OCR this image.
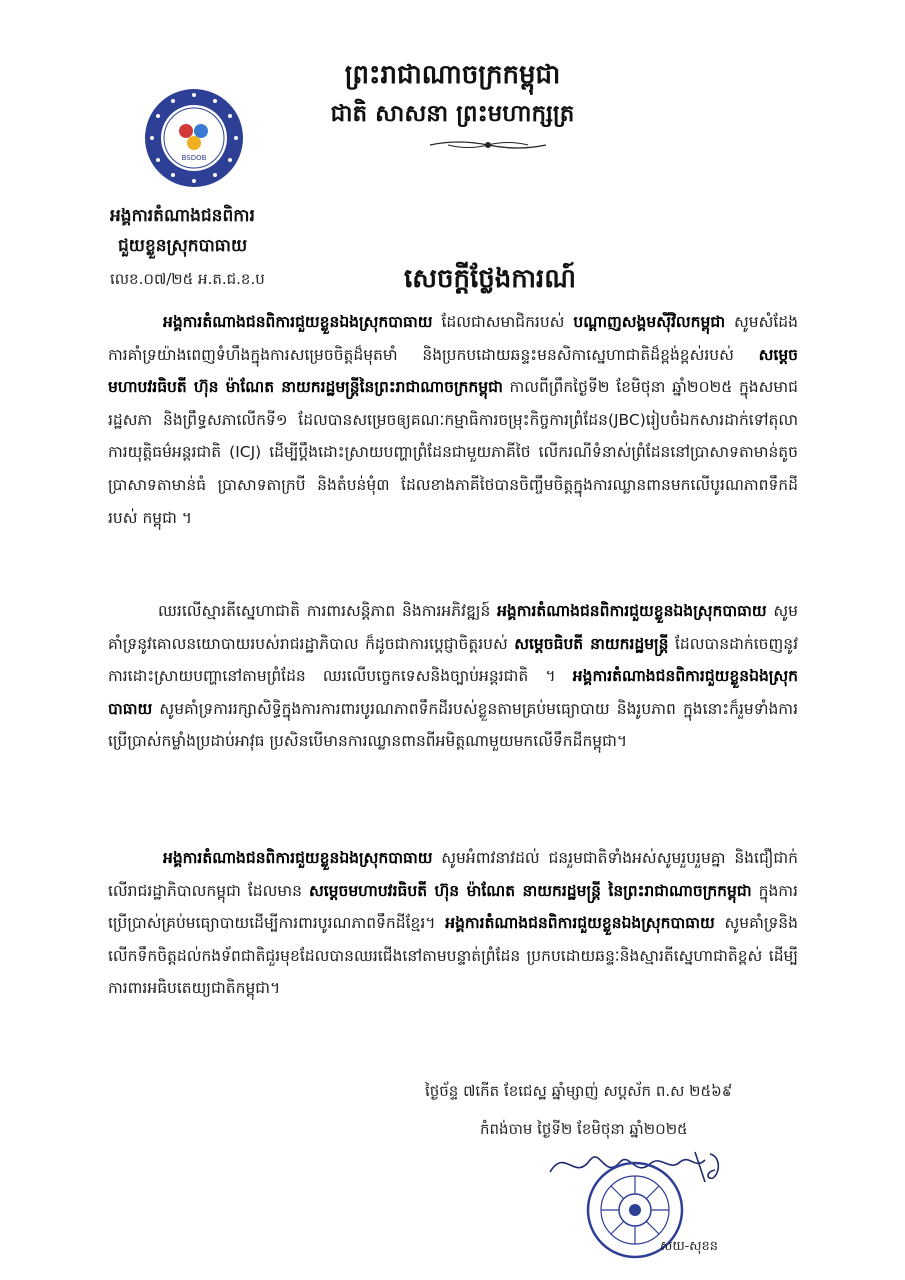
ព្រះរាជាណាចក្រកម្ពុជា
ជាតិ សាសនា ព្រះមហាក្សត្រ
BSDOB
អង្គការតំណាងជនពិការ
ជួយខ្លួនស្រុកបាធាយ
លេខ.០៧/២៥ អ.ត.ជ.ខ.ប	សេចក្តីថ្លែងការណ៍
អង្គការតំណាងជនពិការជួយខ្លួនឯងស្រុកបាធាយ ដែលជាសមាជិករបស់ បណ្តាញសង្គមស៊ីវិលកម្ពុជា សូមសំដែងការគាំទ្រយ៉ាងពេញទំហឹងក្នុងការសម្រេចចិត្តដ៏មុតមាំ និងប្រកបដោយឆន្ទះមនសិកាស្នេហាជាតិដ៏ខ្ពង់ខ្ពស់របស់ សម្តេចមហាបវរធិបតី ហ៊ុន ម៉ាណែត នាយករដ្ឋមន្ត្រីនៃព្រះរាជាណាចក្រកម្ពុជា កាលពីព្រឹកថ្ងៃទី២ ខែមិថុនា ឆ្នាំ២០២៥ ក្នុងសមាជរដ្ឋសភា និងព្រឹទ្ធសភាលើកទី១ ដែលបានសម្រេចឲ្យគណៈកម្មាធិការចម្រុះកិច្ចការព្រំដែន(JBC)រៀបចំឯកសារដាក់ទៅតុលាការយុត្តិធម៌អន្តរជាតិ (ICJ) ដើម្បីប្តឹងដោះស្រាយបញ្ហាព្រំដែនជាមួយភាគីថៃ លើករណីទំនាស់ព្រំដែននៅប្រាសាទតាមាន់តូច ប្រាសាទតាមាន់ធំ ប្រាសាទតាក្របី និងតំបន់មុំ៣ ដែលខាងភាគីថៃបានចិញ្ចឹមចិត្តក្នុងការឈ្លានពានមកលើបូរណភាពទឹកដីរបស់ កម្ពុជា ។
ឈរលើស្មារតីស្នេហាជាតិ ការពារសន្តិភាព និងការអភិវឌ្ឍន៍ អង្គការតំណាងជនពិការជួយខ្លួនឯងស្រុកបាធាយ សូមគាំទ្រនូវគោលនយោបាយរបស់រាជរដ្ឋាភិបាល ក៏ដូចជាការប្តេជ្ញាចិត្តរបស់ សម្តេចធិបតី នាយករដ្ឋមន្ត្រី ដែលបានដាក់ចេញនូវការដោះស្រាយបញ្ហានៅតាមព្រំដែន ឈរលើបច្ចេកទេសនិងច្បាប់អន្តរជាតិ ។ អង្គការតំណាងជនពិការជួយខ្លួនឯងស្រុកបាធាយ សូមគាំទ្រការរក្សាសិទ្ធិក្នុងការការពារបូរណភាពទឹកដីរបស់ខ្លួនតាមគ្រប់មធ្យោបាយ និងរូបភាព ក្នុងនោះក៏រួមទាំងការប្រើប្រាស់កម្លាំងប្រដាប់អាវុធ ប្រសិនបើមានការឈ្លានពានពីអមិត្តណាមួយមកលើទឹកដីកម្ពុជា។
អង្គការតំណាងជនពិការជួយខ្លួនឯងស្រុកបាធាយ សូមអំពាវនាវដល់ ជនរួមជាតិទាំងអស់សូមរួបរួមគ្នា និងជឿជាក់លើរាជរដ្ឋាភិបាលកម្ពុជា ដែលមាន សម្តេចមហាបវរធិបតី ហ៊ុន ម៉ាណែត នាយករដ្ឋមន្ត្រី នៃព្រះរាជាណាចក្រកម្ពុជា ក្នុងការប្រើប្រាស់គ្រប់មធ្យោបាយដើម្បីការពារបូរណភាពទឹកដីខ្មែរ។ អង្គការតំណាងជនពិការជួយខ្លួនឯងស្រុកបាធាយ សូមគាំទ្រនិងលើកទឹកចិត្តដល់កងទ័ពជាតិជួរមុខដែលបានឈរជើងនៅតាមបន្ទាត់ព្រំដែន ប្រកបដោយឆន្ទៈនិងស្មារតីស្នេហាជាតិខ្ពស់ ដើម្បីការពារអធិបតេយ្យជាតិកម្ពុជា។
ថ្ងៃច័ន្ទ ៧កើត ខែជេស្ឋ ឆ្នាំម្សាញ់ សប្តស័ក ព.ស ២៥៦៩
កំពង់ចាម ថ្ងៃទី២ ខែមិថុនា ឆ្នាំ២០២៥
សយ-សុខន
